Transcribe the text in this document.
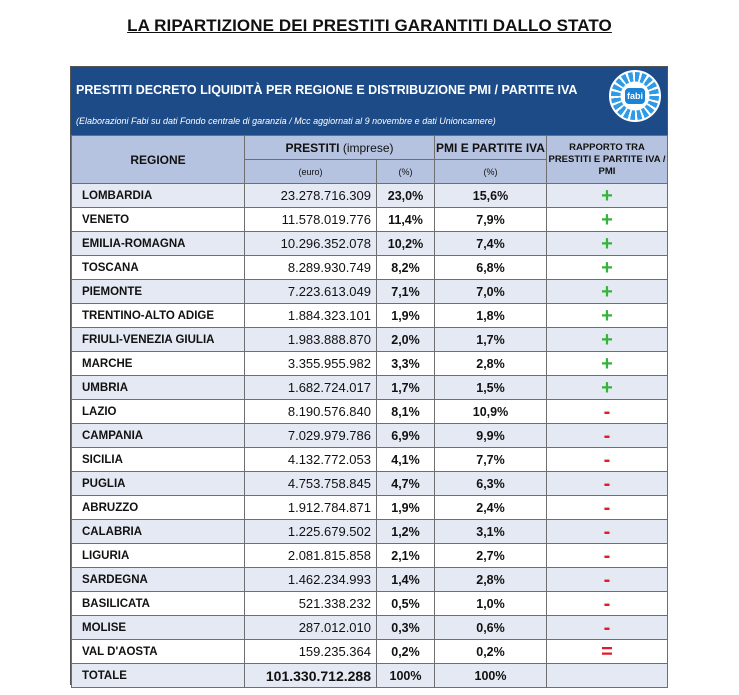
LA RIPARTIZIONE DEI PRESTITI GARANTITI DALLO STATO
PRESTITI DECRETO LIQUIDITÀ PER REGIONE E DISTRIBUZIONE PMI / PARTITE IVA
(Elaborazioni Fabi su dati Fondo centrale di garanzia / Mcc aggiornati al 9 novembre e dati Unioncamere)
fabi
REGIONE	PRESTITI (imprese)		PMI E PARTITE IVA	RAPPORTO TRA PRESTITI E PARTITE IVA / PMI
	(euro)	(%)	(%)	
LOMBARDIA	23.278.716.309	23,0%	15,6%	+
VENETO	11.578.019.776	11,4%	7,9%	+
EMILIA-ROMAGNA	10.296.352.078	10,2%	7,4%	+
TOSCANA	8.289.930.749	8,2%	6,8%	+
PIEMONTE	7.223.613.049	7,1%	7,0%	+
TRENTINO-ALTO ADIGE	1.884.323.101	1,9%	1,8%	+
FRIULI-VENEZIA GIULIA	1.983.888.870	2,0%	1,7%	+
MARCHE	3.355.955.982	3,3%	2,8%	+
UMBRIA	1.682.724.017	1,7%	1,5%	+
LAZIO	8.190.576.840	8,1%	10,9%	-
CAMPANIA	7.029.979.786	6,9%	9,9%	-
SICILIA	4.132.772.053	4,1%	7,7%	-
PUGLIA	4.753.758.845	4,7%	6,3%	-
ABRUZZO	1.912.784.871	1,9%	2,4%	-
CALABRIA	1.225.679.502	1,2%	3,1%	-
LIGURIA	2.081.815.858	2,1%	2,7%	-
SARDEGNA	1.462.234.993	1,4%	2,8%	-
BASILICATA	521.338.232	0,5%	1,0%	-
MOLISE	287.012.010	0,3%	0,6%	-
VAL D'AOSTA	159.235.364	0,2%	0,2%	=
TOTALE	101.330.712.288	100%	100%	
